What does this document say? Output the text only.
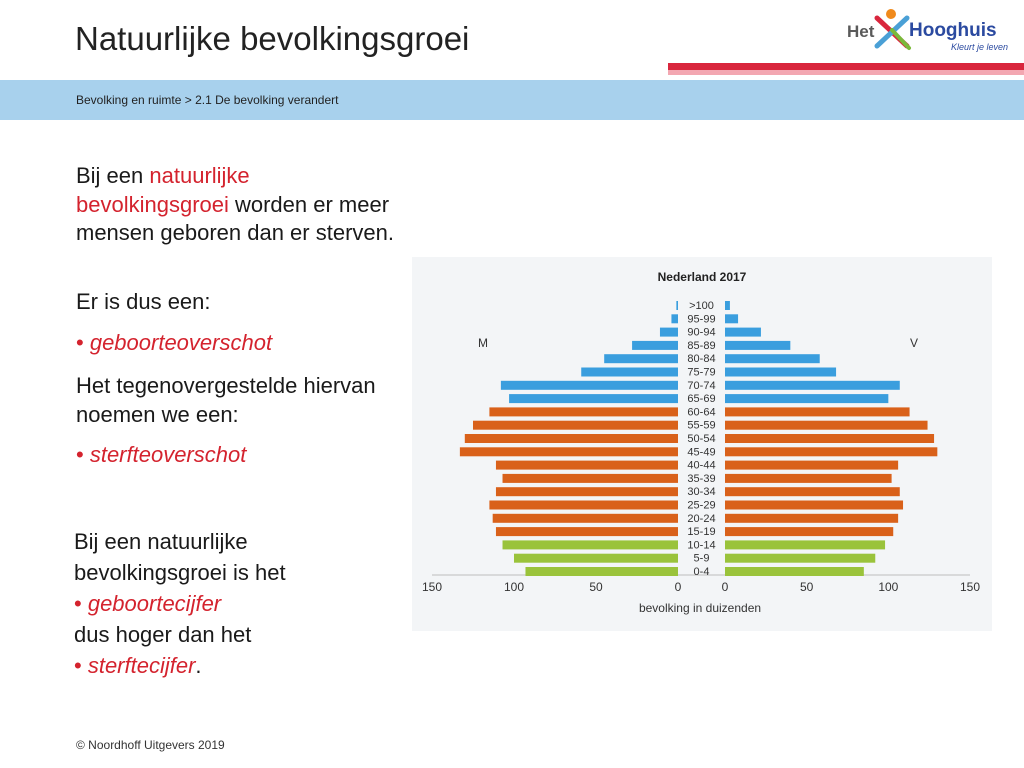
Natuurlijke bevolkingsgroei	Het Hooghuis
Kleurt je leven
Bevolking en ruimte > 2.1 De bevolking verandert
Bij een natuurlijke bevolkingsgroei worden er meer mensen geboren dan er sterven.
Er is dus een:
• geboorteoverschot
Het tegenovergestelde hiervan noemen we een:
• sterfteoverschot
Bij een natuurlijke
bevolkingsgroei is het
• geboortecijfer
dus hoger dan het
• sterftecijfer.
© Noordhoff Uitgevers 2019
Nederland 2017
M	V
bevolking in duizenden
>100
95-99
90-94
85-89
80-84
75-79
70-74
65-69
60-64
55-59
50-54
45-49
40-44
35-39
30-34
25-29
20-24
15-19
10-14
5-9
0-4
0	0
50	50
100	100
150	150
